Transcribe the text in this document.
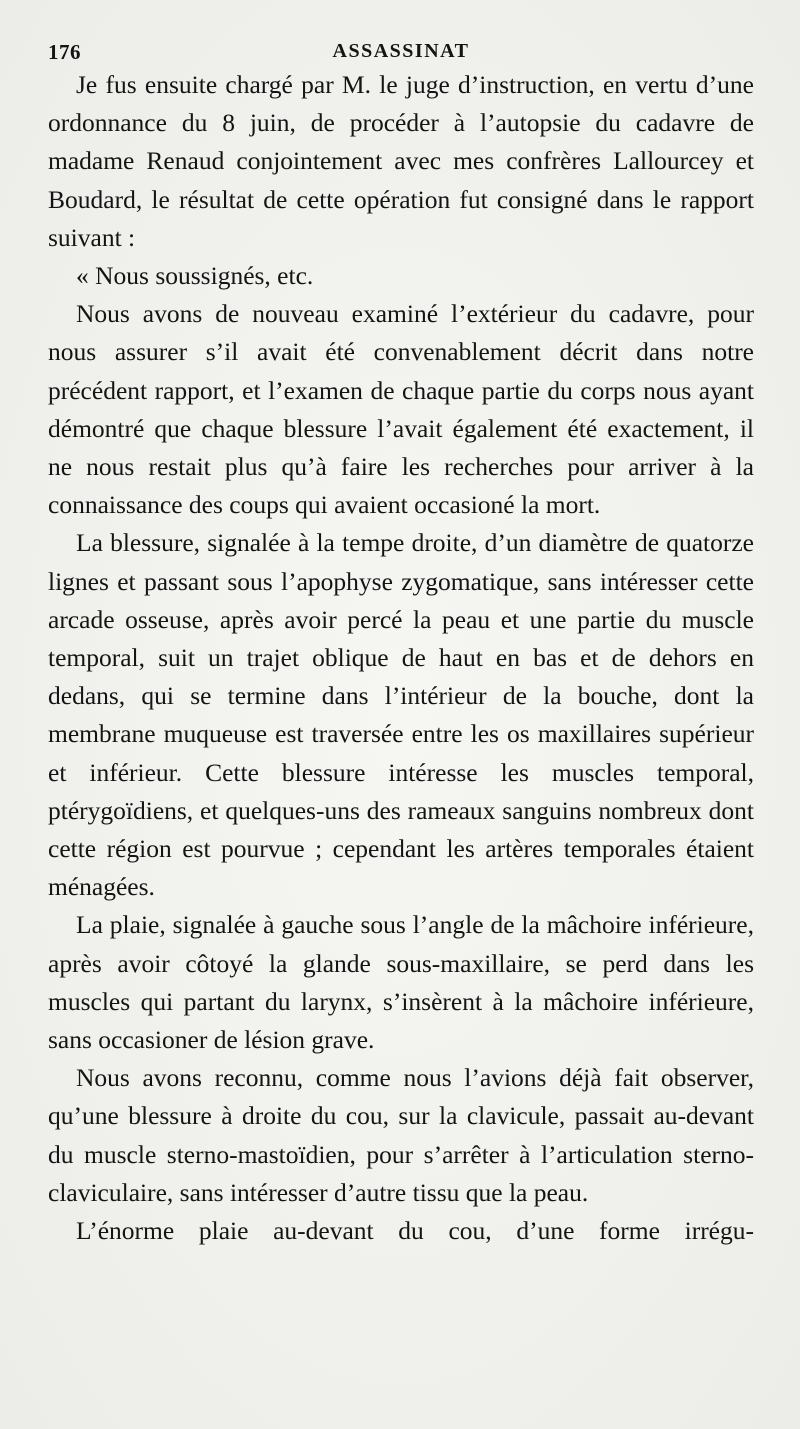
176	ASSASSINAT

Je fus ensuite chargé par M. le juge d’instruction, en vertu d’une ordonnance du 8 juin, de procéder à l’autopsie du cadavre de madame Renaud conjointement avec mes confrères Lallourcey et Boudard, le résultat de cette opération fut consigné dans le rapport suivant :

« Nous soussignés, etc.

Nous avons de nouveau examiné l’extérieur du cadavre, pour nous assurer s’il avait été convenablement décrit dans notre précédent rapport, et l’examen de chaque partie du corps nous ayant démontré que chaque blessure l’avait également été exactement, il ne nous restait plus qu’à faire les recherches pour arriver à la connaissance des coups qui avaient occasioné la mort.

La blessure, signalée à la tempe droite, d’un diamètre de quatorze lignes et passant sous l’apophyse zygomatique, sans intéresser cette arcade osseuse, après avoir percé la peau et une partie du muscle temporal, suit un trajet oblique de haut en bas et de dehors en dedans, qui se termine dans l’intérieur de la bouche, dont la membrane muqueuse est traversée entre les os maxillaires supérieur et inférieur. Cette blessure intéresse les muscles temporal, ptérygoïdiens, et quelques-uns des rameaux sanguins nombreux dont cette région est pourvue ; cependant les artères temporales étaient ménagées.

La plaie, signalée à gauche sous l’angle de la mâchoire inférieure, après avoir côtoyé la glande sous-maxillaire, se perd dans les muscles qui partant du larynx, s’insèrent à la mâchoire inférieure, sans occasioner de lésion grave.

Nous avons reconnu, comme nous l’avions déjà fait observer, qu’une blessure à droite du cou, sur la clavicule, passait au-devant du muscle sterno-mastoïdien, pour s’arrêter à l’articulation sterno-claviculaire, sans intéresser d’autre tissu que la peau.

L’énorme plaie au-devant du cou, d’une forme irrégu-
